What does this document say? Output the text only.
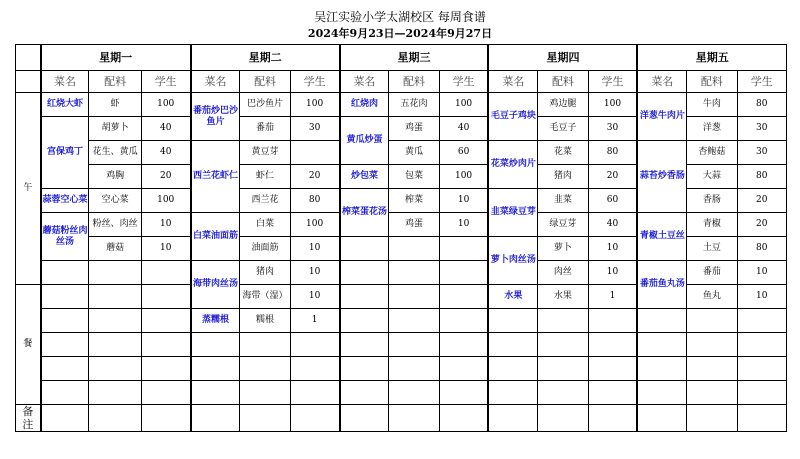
吴江实验小学太湖校区 每周食谱
2024年9月23日—2024年9月27日
	星期一			星期二			星期三			星期四			星期五		
	菜名	配料	学生	菜名	配料	学生	菜名	配料	学生	菜名	配料	学生	菜名	配料	学生
午	红烧大虾	虾	100	番茄炒巴沙鱼片	巴沙鱼片	100	红烧肉	五花肉	100	毛豆子鸡块	鸡边腿	100	洋葱牛肉片	牛肉	80
	宫保鸡丁	胡萝卜	40		番茄	30	黄瓜炒蛋	鸡蛋	40		毛豆子	30		洋葱	30
		花生、黄瓜	40	西兰花虾仁	黄豆芽			黄瓜	60	花菜炒肉片	花菜	80	蒜苔炒香肠	杏鲍菇	30
		鸡胸	20		虾仁	20	炒包菜	包菜	100		猪肉	20		大蒜	80
	蒜蓉空心菜	空心菜	100		西兰花	80	榨菜蛋花汤	榨菜	10	韭菜绿豆芽	韭菜	60		香肠	20
	蘑菇粉丝肉丝汤	粉丝、肉丝	10	白菜油面筋	白菜	100		鸡蛋	10		绿豆芽	40	青椒土豆丝	青椒	20
		蘑菇	10		油面筋	10				萝卜肉丝汤	萝卜	10		土豆	80
				海带肉丝汤	猪肉	10					肉丝	10	番茄鱼丸汤	番茄	10
餐					海带（湿）	10				水果	水果	1		鱼丸	10
				蒸糯根	糯根	1									

备
注															
